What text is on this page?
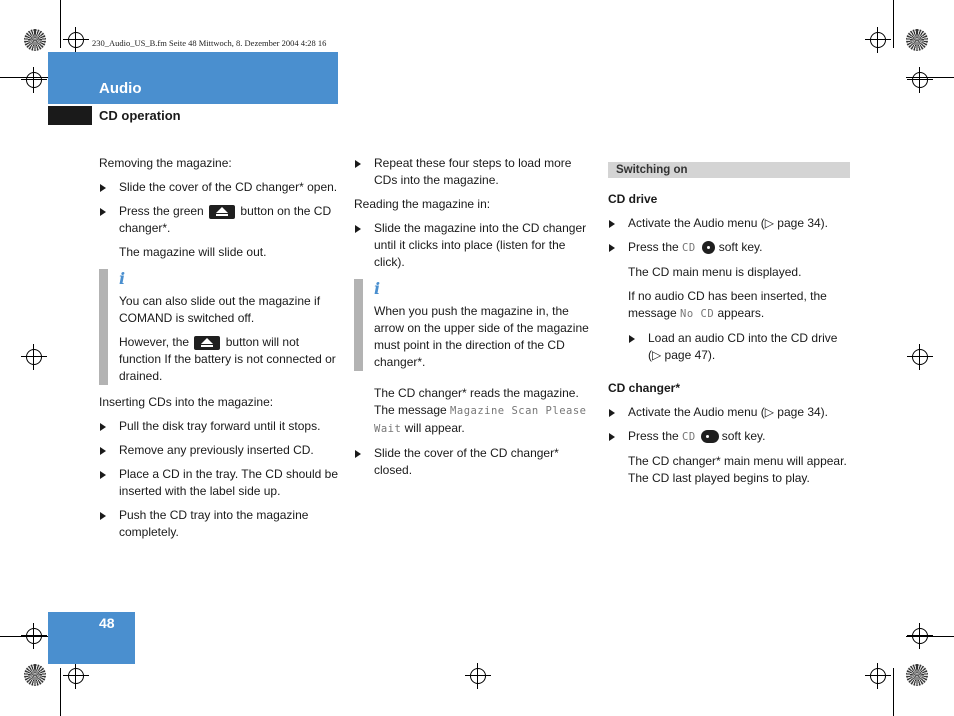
230_Audio_US_B.fm Seite 48 Mittwoch, 8. Dezember 2004 4:28 16
Audio
CD operation

Removing the magazine:

Slide the cover of the CD changer* open.
Press the green	button on the CD changer*.

The magazine will slide out.

i

You can also slide out the magazine if COMAND is switched off.

However, the	button will not function If the battery is not connected or drained.

Inserting CDs into the magazine:

Pull the disk tray forward until it stops.
Remove any previously inserted CD.
Place a CD in the tray. The CD should be inserted with the label side up.
Push the CD tray into the magazine completely.
Repeat these four steps to load more CDs into the magazine.

Reading the magazine in:

Slide the magazine into the CD changer until it clicks into place (listen for the click).
i

When you push the magazine in, the arrow on the upper side of the magazine must point in the direction of the CD changer*.

The CD changer* reads the magazine.

The message Magazine Scan Please Wait will appear.

Slide the cover of the CD changer* closed.
Switching on

CD drive

Activate the Audio menu (▷ page 34).
Press the CD soft key.

The CD main menu is displayed.

If no audio CD has been inserted, the message No CD appears.

Load an audio CD into the CD drive (▷ page 47).

CD changer*

Activate the Audio menu (▷ page 34).
Press the CD soft key.

The CD changer* main menu will appear.

The CD last played begins to play.

48
